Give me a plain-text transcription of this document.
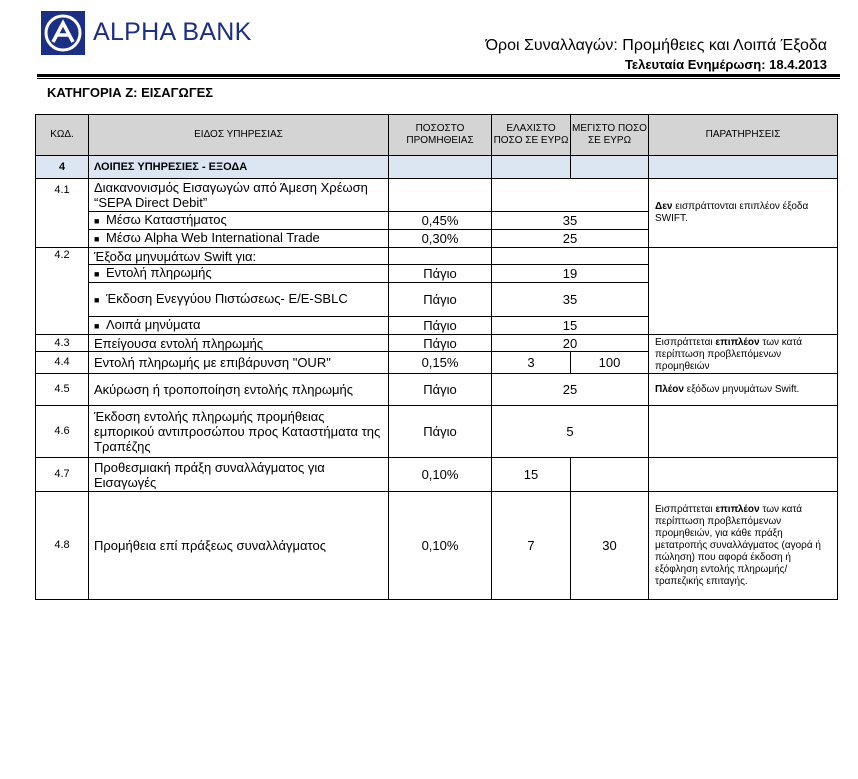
ALPHA BANK	Όροι Συναλλαγών: Προμήθειες και Λοιπά Έξοδα
Τελευταία Ενημέρωση: 18.4.2013
ΚΑΤΗΓΟΡΙΑ Ζ: ΕΙΣΑΓΩΓΕΣ
ΚΩΔ.	ΕΙΔΟΣ ΥΠΗΡΕΣΙΑΣ	ΠΟΣΟΣΤΟ ΠΡΟΜΗΘΕΙΑΣ	ΕΛΑΧΙΣΤΟ ΠΟΣΟ ΣΕ ΕΥΡΩ	ΜΕΓΙΣΤΟ ΠΟΣΟ ΣΕ ΕΥΡΩ	ΠΑΡΑΤΗΡΗΣΕΙΣ
4	ΛΟΙΠΕΣ ΥΠΗΡΕΣΙΕΣ - ΕΞΟΔΑ				
4.1	Διακανονισμός Εισαγωγών από Άμεση Χρέωση “SEPA Direct Debit”				Δεν εισπράττονται επιπλέον έξοδα SWIFT.
	■ Μέσω Καταστήματος	0,45%	35		
	■ Μέσω Alpha Web International Trade	0,30%	25		
4.2	Έξοδα μηνυμάτων Swift για:				
	■ Εντολή πληρωμής	Πάγιο	19		
	■ Έκδοση Ενεγγύου Πιστώσεως- Ε/Ε-SBLC	Πάγιο	35		
	■ Λοιπά μηνύματα	Πάγιο	15		
4.3	Επείγουσα εντολή πληρωμής	Πάγιο	20		Εισπράττεται επιπλέον των κατά περίπτωση προβλεπόμενων προμηθειών
4.4	Εντολή πληρωμής με επιβάρυνση "OUR"	0,15%	3	100	
4.5	Ακύρωση ή τροποποίηση εντολής πληρωμής	Πάγιο	25		Πλέον εξόδων μηνυμάτων Swift.
4.6	Έκδοση εντολής πληρωμής προμήθειας εμπορικού αντιπροσώπου προς Καταστήματα της Τραπέζης	Πάγιο	5		
4.7	Προθεσμιακή πράξη συναλλάγματος για Εισαγωγές	0,10%	15		
4.8	Προμήθεια επί πράξεως συναλλάγματος	0,10%	7	30	Εισπράττεται επιπλέον των κατά περίπτωση προβλεπόμενων προμηθειών, για κάθε πράξη μετατροπής συναλλάγματος (αγορά ή πώληση) που αφορά έκδοση ή εξόφληση εντολής πληρωμής/τραπεζικής επιταγής.
